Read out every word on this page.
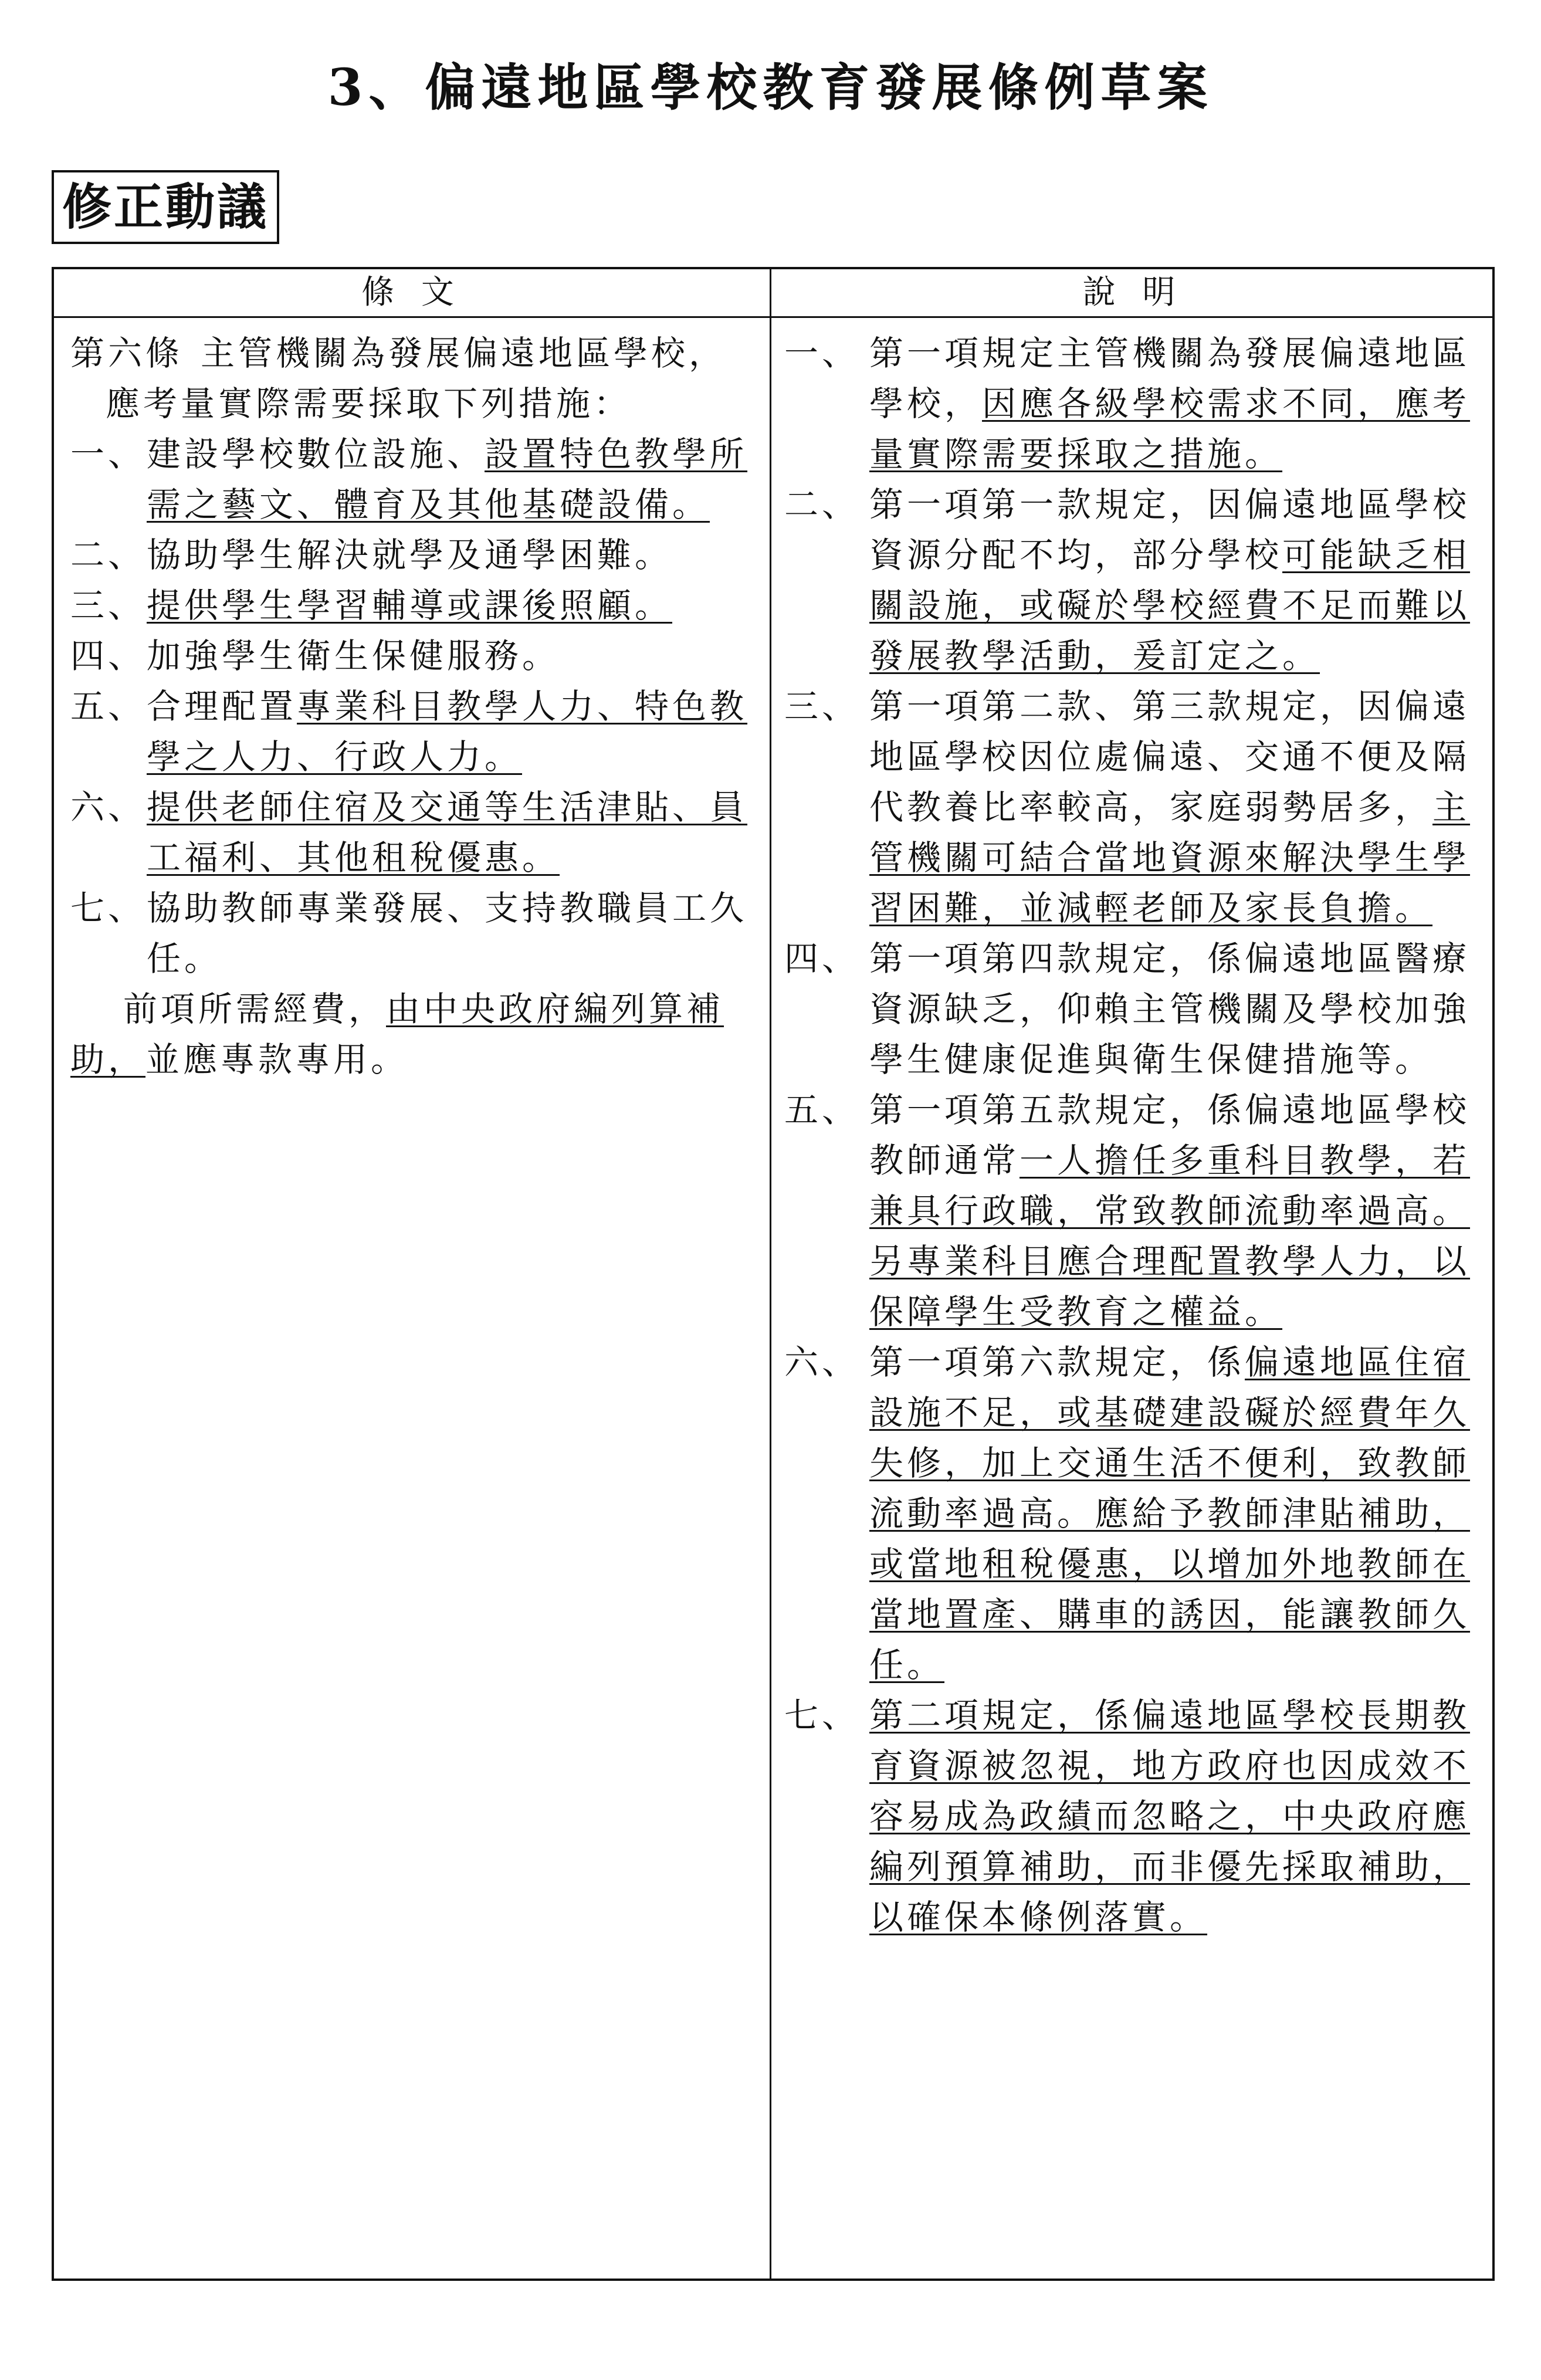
3、偏遠地區學校教育發展條例草案
修正動議
條 文	說 明
第六條 主管機關為發展偏遠地區學校，應考量實際需要採取下列措施：
一、 建設學校數位設施、設置特色教學所需之藝文、體育及其他基礎設備。
二、 協助學生解決就學及通學困難。
三、 提供學生學習輔導或課後照顧。
四、 加強學生衛生保健服務。
五、 合理配置專業科目教學人力、特色教學之人力、行政人力。
六、 提供老師住宿及交通等生活津貼、員工福利、其他租稅優惠。
七、 協助教師專業發展、支持教職員工久任。
前項所需經費，由中央政府編列算補助，並應專款專用。
一、 第一項規定主管機關為發展偏遠地區學校，因應各級學校需求不同，應考量實際需要採取之措施。
二、 第一項第一款規定，因偏遠地區學校資源分配不均，部分學校可能缺乏相關設施，或礙於學校經費不足而難以發展教學活動，爰訂定之。
三、 第一項第二款、第三款規定，因偏遠地區學校因位處偏遠、交通不便及隔代教養比率較高，家庭弱勢居多，主管機關可結合當地資源來解決學生學習困難，並減輕老師及家長負擔。
四、 第一項第四款規定，係偏遠地區醫療資源缺乏，仰賴主管機關及學校加強學生健康促進與衛生保健措施等。
五、 第一項第五款規定，係偏遠地區學校教師通常一人擔任多重科目教學，若兼具行政職，常致教師流動率過高。另專業科目應合理配置教學人力，以保障學生受教育之權益。
六、 第一項第六款規定，係偏遠地區住宿設施不足，或基礎建設礙於經費年久失修，加上交通生活不便利，致教師流動率過高。應給予教師津貼補助，或當地租稅優惠，以增加外地教師在當地置產、購車的誘因，能讓教師久任。
七、 第二項規定，係偏遠地區學校長期教育資源被忽視，地方政府也因成效不容易成為政績而忽略之，中央政府應編列預算補助，而非優先採取補助，以確保本條例落實。
